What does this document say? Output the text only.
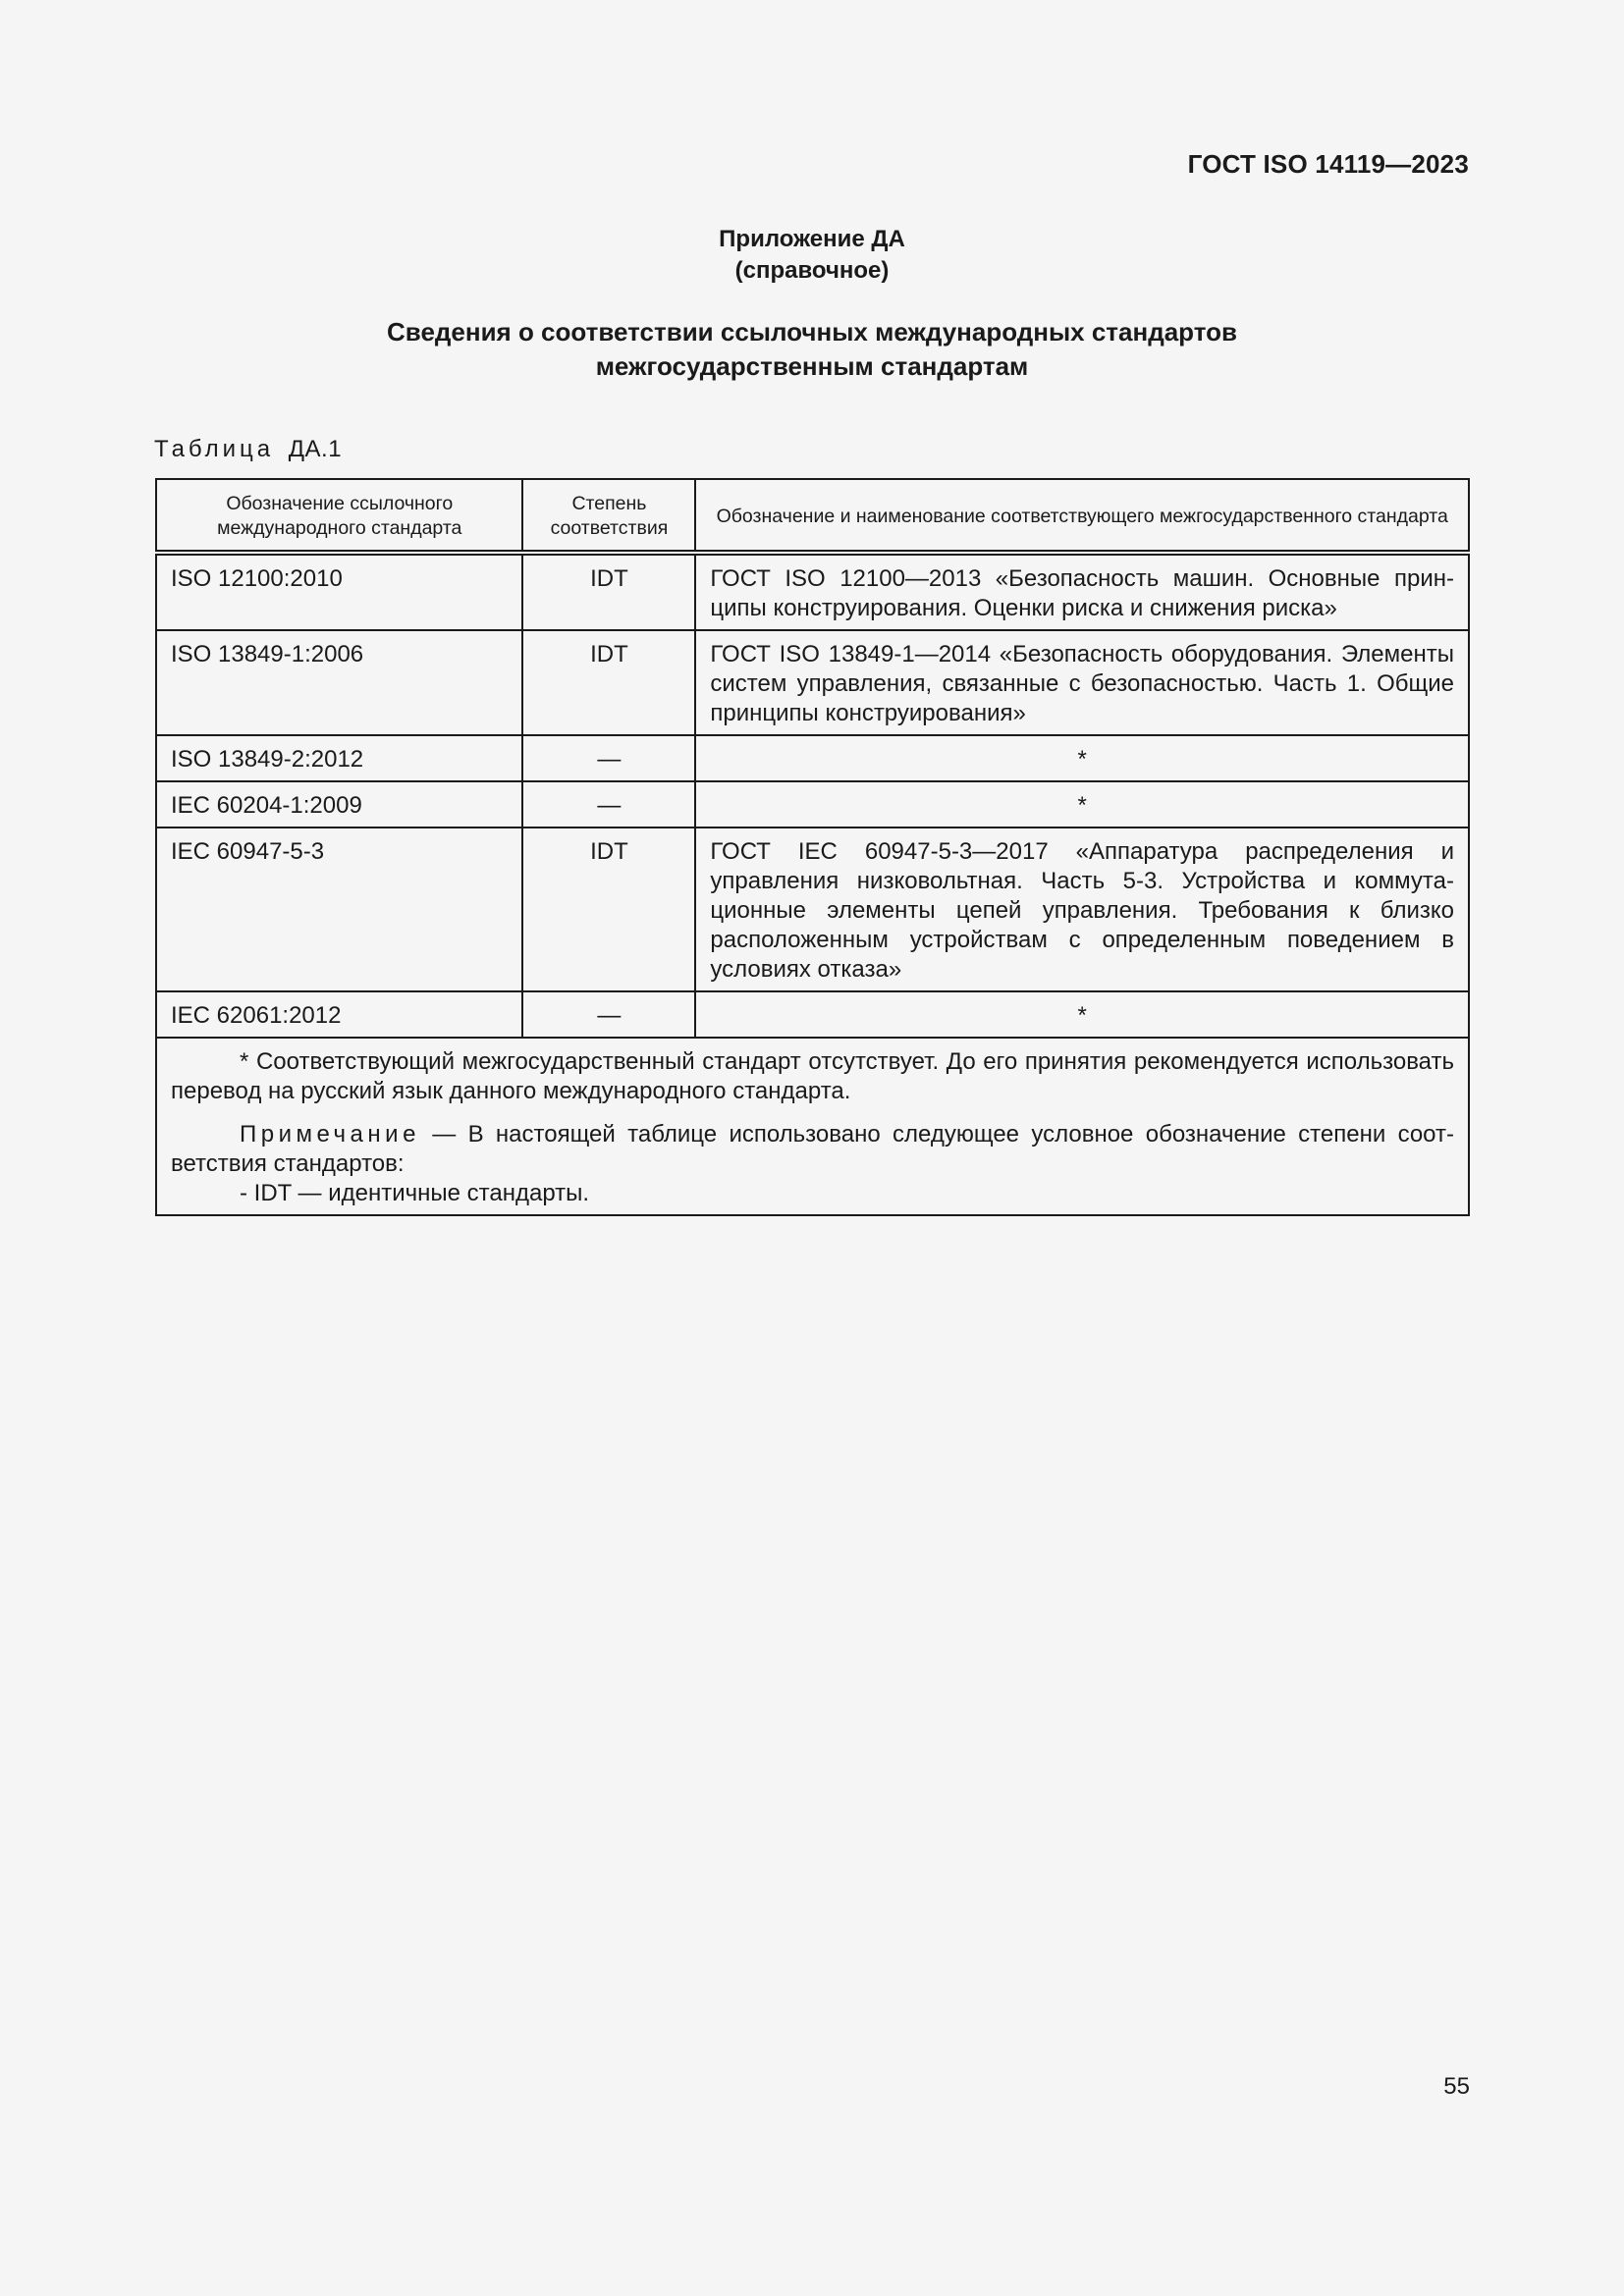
ГОСТ ISO 14119—2023
Приложение ДА
(справочное)
Сведения о соответствии ссылочных международных стандартов
межгосударственным стандартам
Таблица ДА.1
Обозначение ссылочного международного стандарта	Степень соответствия	Обозначение и наименование соответствующего межгосударственного стандарта
ISO 12100:2010	IDT	ГОСТ ISO 12100—2013 «Безопасность машин. Основные принципы конструирования. Оценки риска и снижения риска»
ISO 13849-1:2006	IDT	ГОСТ ISO 13849-1—2014 «Безопасность оборудования. Элементы систем управления, связанные с безопасностью. Часть 1. Общие принципы конструирования»
ISO 13849-2:2012	—	*
IEC 60204-1:2009	—	*
IEC 60947-5-3	IDT	ГОСТ IEC 60947-5-3—2017 «Аппаратура распределения и управления низковольтная. Часть 5-3. Устройства и коммутационные элементы цепей управления. Требования к близко расположенным устройствам с определенным поведением в условиях отказа»
IEC 62061:2012	—	*

* Соответствующий межгосударственный стандарт отсутствует. До его принятия рекомендуется использовать перевод на русский язык данного международного стандарта.

Примечание — В настоящей таблице использовано следующее условное обозначение степени соответствия стандартов:

- IDT — идентичные стандарты.		

55
